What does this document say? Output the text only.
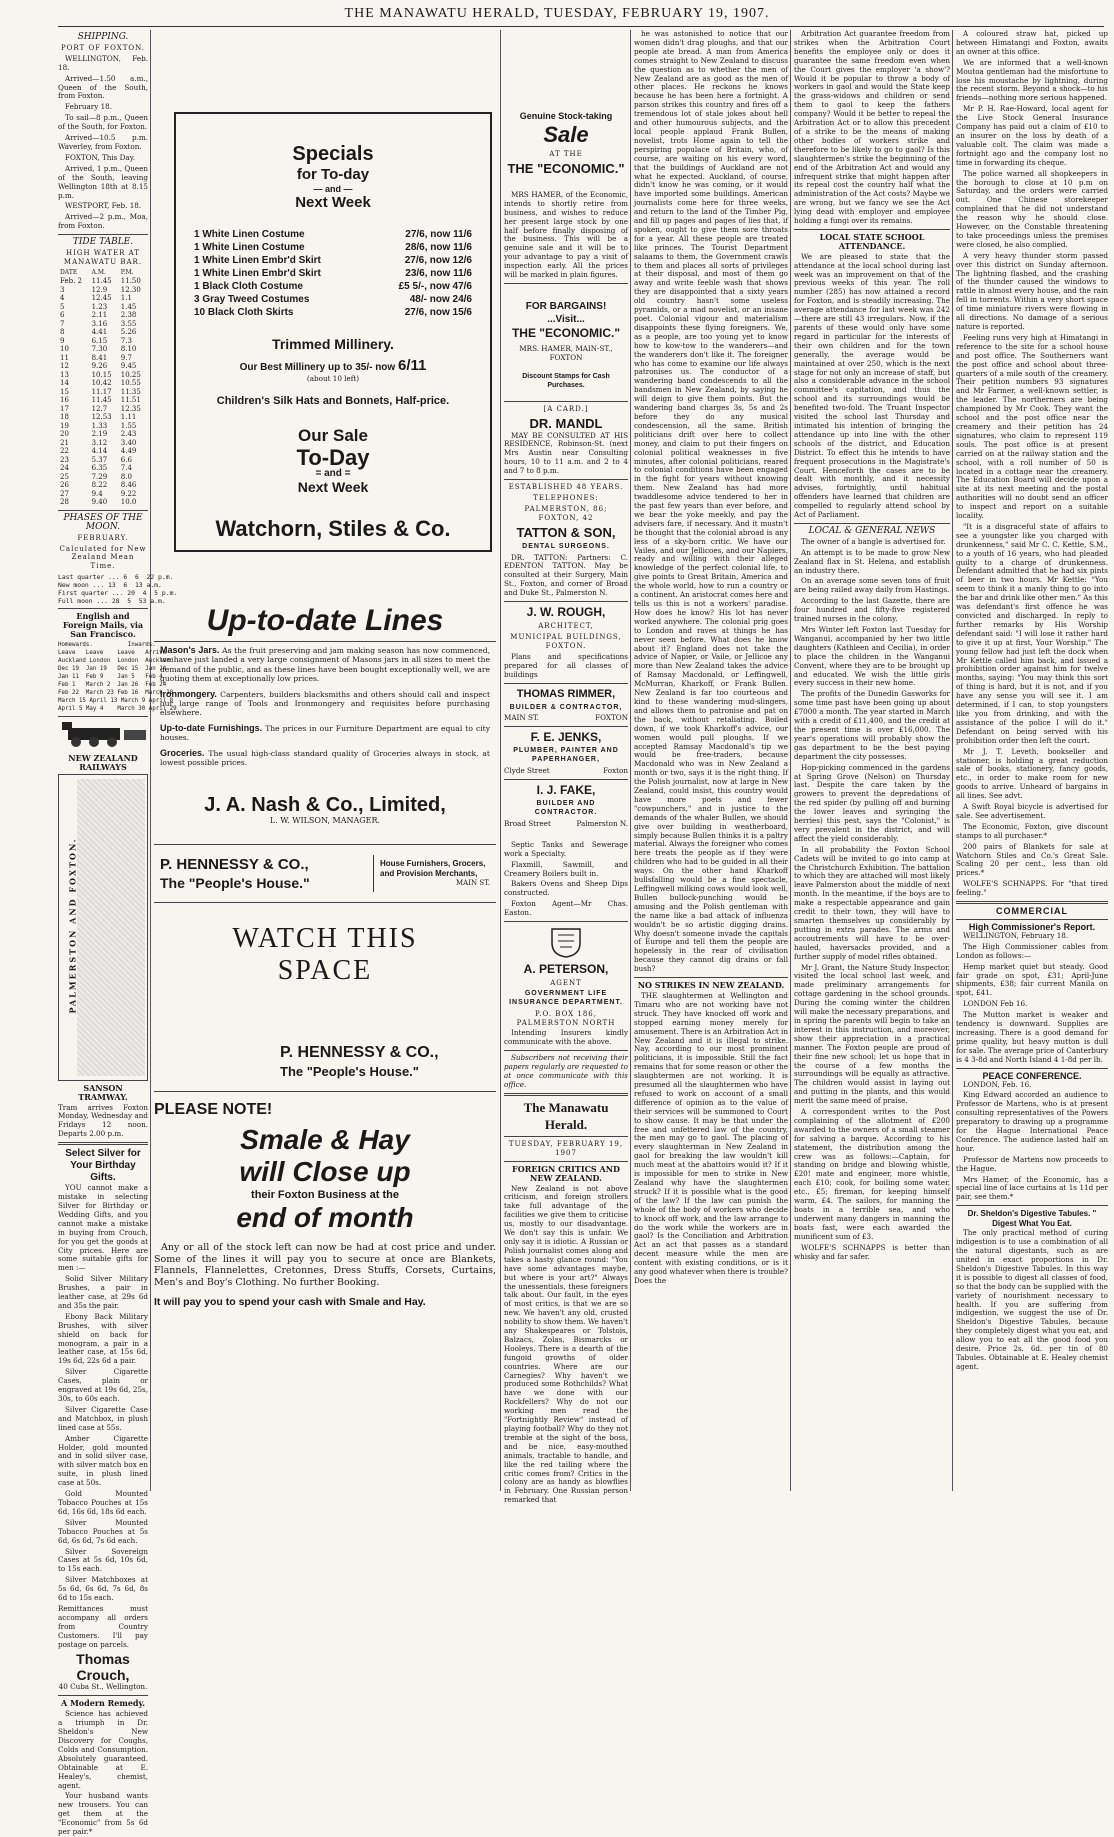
THE MANAWATU HERALD, TUESDAY, FEBRUARY 19, 1907.
SHIPPING.
PORT OF FOXTON.

WELLINGTON, Feb. 18.

Arrived—1.50 a.m., Queen of the South, from Foxton.

February 18.

To sail—8 p.m., Queen of the South, for Foxton.

Arrived—10.5 p.m. Waverley, from Foxton.

FOXTON, This Day.

Arrived, 1 p.m., Queen of the South, leaving Wellington 18th at 8.15 p.m.

WESTPORT, Feb. 18.

Arrived—2 p.m., Moa, from Foxton.

TIDE TABLE.
HIGH WATER AT MANAWATU BAR.
DATE	A.M.	P.M.
Feb. 2	11.45	11.50
3	12.9	12.30
4	12.45	1.1
5	1.23	1.45
6	2.11	2.38
7	3.16	3.55
8	4.41	5.26
9	6.15	7.3
10	7.30	8.10
11	8.41	9.7
12	9.26	9.45
13	10.15	10.25
14	10.42	10.55
15	11.17	11.35
16	11.45	11.51
17	12.7	12.35
18	12.53	1.11
19	1.33	1.55
20	2.19	2.43
21	3.12	3.40
22	4.14	4.49
23	5.37	6.6
24	6.35	7.4
25	7.29	8.0
26	8.22	8.46
27	9.4	9.22
28	9.40	10.0
PHASES OF THE MOON.
FEBRUARY.
Calculated for New Zealand Mean Time.
Last quarter ... 6  6  22 p.m.
New moon ... 13  6  13 a.m.
First quarter ... 20  4  5 p.m.
Full moon ... 28  5  53 a.m.
English and Foreign Mails, via San Francisco.
Homewards.          Inwards.
Leave   Leave    Leave   Arrive
Auckland London  London  Auckland
Dec 19  Jan 19   Dec 15  Jan 14
Jan 11  Feb 9    Jan 5   Feb 4
Feb 1   March 2  Jan 26  Feb 24
Feb 22  March 23 Feb 16  March 18
March 15 April 13 March 9 April 8
April 5 May 4    March 30 April 29
NEW ZEALAND RAILWAYS
PALMERSTON AND FOXTON.
SANSON TRAMWAY.

Tram arrives Foxton Monday, Wednesday and Fridays 12 noon. Departs 2.00 p.m.

Select Silver for Your Birthday Gifts.

YOU cannot make a mistake in selecting Silver for Birthday or Wedding Gifts, and you cannot make a mistake in buying from Crouch, for you get the goods at City prices. Here are some suitable gifts for men :—

Solid Silver Military Brushes, a pair in leather case, at 29s 6d and 35s the pair.

Ebony Back Military Brushes, with silver shield on back for monogram, a pair in a leather case, at 15s 6d, 19s 6d, 22s 6d a pair.

Silver Cigarette Cases, plain or engraved at 19s 6d, 25s, 30s, to 60s each.

Silver Cigarette Case and Matchbox, in plush lined case at 55s.

Amber Cigarette Holder, gold mounted and in solid silver case, with silver match box en suite, in plush lined case at 50s.

Gold Mounted Tobacco Pouches at 15s 6d, 16s 6d, 18s 6d each.

Silver Mounted Tobacco Pouches at 5s 6d, 6s 6d, 7s 6d each.

Silver Sovereign Cases at 5s 6d, 10s 6d, to 15s each.

Silver Matchboxes at 5s 6d, 6s 6d, 7s 6d, 8s 6d to 15s each.

Remittances must accompany all orders from Country Customers. I'll pay postage on parcels.

Thomas Crouch,
40 Cuba St., Wellington.
A Modern Remedy.

Science has achieved a triumph in Dr. Sheldon's New Discovery for Coughs, Colds and Consumption. Absolutely guaranteed. Obtainable at E. Healey's, chemist, agent.

Your husband wants new trousers. You can get them at the "Economic" from 5s 6d per pair.*

Specials
for To-day
— and —
Next Week
1 White Linen Costume	27/6, now 11/6
1 White Linen Costume	28/6, now 11/6
1 White Linen Embr'd Skirt	27/6, now 12/6
1 White Linen Embr'd Skirt	23/6, now 11/6
1 Black Cloth Costume	£5 5/-, now 47/6
3 Gray Tweed Costumes	48/- now 24/6
10 Black Cloth Skirts	27/6, now 15/6
Trimmed Millinery.
Our Best Millinery up to 35/- now 6/11
(about 10 left)
Children's Silk Hats and Bonnets, Half-price.
Our Sale
To-Day
= and =
Next Week
Watchorn, Stiles & Co.
Up-to-date Lines

Mason's Jars. As the fruit preserving and jam making season has now commenced, we have just landed a very large consignment of Masons jars in all sizes to meet the demand of the public, and as these lines have been bought exceptionally well, we are quoting them at exceptionally low prices.

Ironmongery. Carpenters, builders blacksmiths and others should call and inspect our large range of Tools and Ironmongery and requisites before purchasing elsewhere.

Up-to-date Furnishings. The prices in our Furniture Department are equal to city houses.

Groceries. The usual high-class standard quality of Groceries always in stock, at lowest possible prices.

J. A. Nash & Co., Limited,
L. W. WILSON, MANAGER.
P. HENNESSY & CO.,
The "People's House."
House Furnishers, Grocers, and Provision Merchants,
MAIN ST.
WATCH THIS
SPACE
P. HENNESSY & CO.,
The "People's House."
PLEASE NOTE!
Smale & Hay
will Close up
their Foxton Business at the
end of month

Any or all of the stock left can now be had at cost price and under. Some of the lines it will pay you to secure at once are Blankets, Flannels, Flannelettes, Cretonnes, Dress Stuffs, Corsets, Curtains, Men's and Boy's Clothing. No further Booking.

It will pay you to spend your cash with Smale and Hay.
Genuine Stock-taking
Sale
AT THE
THE "ECONOMIC."

MRS HAMER, of the Economic, intends to shortly retire from business, and wishes to reduce her present large stock by one half before finally disposing of the business. This will be a genuine sale and it will be to your advantage to pay a visit of inspection early. All the prices will be marked in plain figures.

FOR BARGAINS!
...Visit...
THE "ECONOMIC."
MRS. HAMER, MAIN-ST., FOXTON
Discount Stamps for Cash Purchases.
[A CARD.]
DR. MANDL

MAY BE CONSULTED AT HIS RESIDENCE, Robinson-St. (next Mrs Austin near Consulting hours, 10 to 11 a.m. and 2 to 4 and 7 to 8 p.m.

ESTABLISHED 48 YEARS.
TELEPHONES:
PALMERSTON, 86; FOXTON, 42
TATTON & SON,
DENTAL SURGEONS.

DR. TATTON: Partners: C. EDENTON TATTON. May be consulted at their Surgery, Main St., Foxton, and corner of Broad and Duke St., Palmerston N.

J. W. ROUGH,
ARCHITECT,
MUNICIPAL BUILDINGS, FOXTON.

Plans and specifications prepared for all classes of buildings

THOMAS RIMMER,
BUILDER & CONTRACTOR,
MAIN ST.	FOXTON
F. E. JENKS,
PLUMBER, PAINTER AND PAPERHANGER,
Clyde Street	Foxton
I. J. FAKE,
BUILDER AND CONTRACTOR.
Broad Street	Palmerston N.

Septic Tanks and Sewerage work a Specialty.

Flaxmill, Sawmill, and Creamery Boilers built in.

Bakers Ovens and Sheep Dips constructed.

Foxton Agent—Mr Chas. Easton.

A. PETERSON,
AGENT
GOVERNMENT LIFE INSURANCE DEPARTMENT.
P.O. BOX 186, PALMERSTON NORTH

Intending Insurers kindly communicate with the above.

Subscribers not receiving their papers regularly are requested to at once communicate with this office.

The Manawatu Herald.
TUESDAY, FEBRUARY 19, 1907
FOREIGN CRITICS AND NEW ZEALAND.

New Zealand is not above criticism, and foreign strollers take full advantage of the facilities we give them to criticise us, mostly to our disadvantage. We don't say this is unfair. We only say it is idiotic. A Russian or Polish journalist comes along and takes a hasty glance round: "You have some advantages maybe, but where is your art?" Always the unessentials, these foreigners talk about. Our fault, in the eyes of most critics, is that we are so new. We haven't any old, crusted nobility to show them. We haven't any Shakespeares or Tolstois, Balzacs, Zolas, Bismarcks or Hooleys. There is a dearth of the fungoid growths of older countries. Where are our Carnegies? Why haven't we produced some Rothchilds? What have we done with our Rockfellers? Why do not our working men read the "Fortnightly Review" instead of playing football? Why do they not tremble at the sight of the boss, and be nice, easy-mouthed animals, tractable to handle, and like the red tailing where the critic comes from? Critics in the colony are as handy as blowflies in February. One Russian person remarked that

he was astonished to notice that our women didn't drag ploughs, and that our people ate bread. A man from America comes straight to New Zealand to discuss the question as to whether the men of New Zealand are as good as the men of other places. He reckons he knows because he has been here a fortnight. A parson strikes this country and fires off a tremendous lot of stale jokes about hell and other humourous subjects, and the local people applaud Frank Bullen, novelist, trots Home again to tell the perspiring populace of Britain, who, of course, are waiting on his every word, that the buildings of Auckland are not what he expected. Auckland, of course, didn't know he was coming, or it would have imported some buildings. American journalists come here for three weeks, and return to the land of the Timber Pig, and fill up pages and pages of lies that, if spoken, ought to give them sore throats for a year. All these people are treated like princes. The Tourist Department salaams to them, the Government crawls to them and places all sorts of privileges at their disposal, and most of them go away and write feeble wash that shows they are disappointed that a sixty years old country hasn't some useless pyramids, or a mad novelist, or an insane poet. Colonial vigour and materialism disappoints these flying foreigners. We, as a people, are too young yet to know how to kow-tow to the wanderers—and the wanderers don't like it. The foreigner who has come to examine our life always patronises us. The conductor of a wandering band condescends to all the bandsmen in New Zealand, by saying he will deign to give them points. But the wandering band charges 3s, 5s and 2s before they do any musical condescension, all the same. British politicians drift over here to collect money, and claim to put their fingers on colonial political weaknesses in five minutes, after colonial politicians, reared to colonial conditions have been engaged in the fight for years without knowing them. New Zealand has had more twaddlesome advice tendered to her in the past few years than ever before, and we bear the yoke meekly, and pay the advisers fare, if necessary. And it mustn't be thought that the colonial abroad is any less of a sky-born critic. We have our Vailes, and our Jellicoes, and our Napiers, ready and willing with their alleged knowledge of the perfect colonial life, to give points to Great Britain, America and the whole world, how to run a country or a continent. An aristocrat comes here and tells us this is not a workers' paradise. How does he know? His lot has never worked anywhere. The colonial prig goes to London and raves at things he has never seen before. What does he know about it? England does not take the advice of Napier, or Vaile, or Jellicoe any more than New Zealand takes the advice of Ramsay Macdonald, or Leffingwell, McMurran, Kharkoff, or Frank Bullen. New Zealand is far too courteous and kind to these wandering mud-slingers, and allows them to patronise and pat on the back, without retaliating. Boiled down, if we took Kharkoff's advice, our women would pull ploughs. If we accepted Ramsay Macdonald's tip we would be free-traders, because Macdonald who was in New Zealand a month or two, says it is the right thing. If the Polish journalist, now at large in New Zealand, could insist, this country would have more poets and fewer "cowpunchers," and in justice to the demands of the whaler Bullen, we should give over building in weatherboard, simply because Bullen thinks it is a paltry material. Always the foreigner who comes here treats the people as if they were children who had to be guided in all their ways. On the other hand Kharkoff bullsfalling would be a fine spectacle, Leffingwell milking cows would look well, Bullen bullock-punching would be amusing and the Polish gentleman with the name like a bad attack of influenza wouldn't be so artistic digging drains. Why doesn't someone invade the capitals of Europe and tell them the people are hopelessly in the rear of civilisation because they cannot dig drains or fall bush?

NO STRIKES IN NEW ZEALAND.

THE slaughtermen at Wellington and Timaru who are not working have not struck. They have knocked off work and stopped earning money merely for amusement. There is an Arbitration Act in New Zealand and it is illegal to strike. Nay, according to our most prominent politicians, it is impossible. Still the fact remains that for some reason or other the slaughtermen are not working. It is presumed all the slaughtermen who have refused to work on account of a small difference of opinion as to the value of their services will be summoned to Court to show cause. It may be that under the free and unfettered law of the country, the men may go to gaol. The placing of every slaughterman in New Zealand in gaol for breaking the law wouldn't kill much meat at the abattoirs would it? If it is impossible for men to strike in New Zealand why have the slaughtermen struck? If it is possible what is the good of the law? If the law can punish the whole of the body of workers who decide to knock off work, and the law arrange to do the work while the workers are in gaol? Is the Conciliation and Arbitration Act an act that passes as a standard decent measure while the men are content with existing conditions, or is it any good whatever when there is trouble? Does the

Arbitration Act guarantee freedom from strikes when the Arbitration Court benefits the employee only or does it guarantee the same freedom even when the Court gives the employer 'a show'? Would it be popular to throw a body of workers in gaol and would the State keep the grass-widows and children or send them to gaol to keep the fathers company? Would it be better to repeal the Arbitration Act or to allow this precedent of a strike to be the means of making other bodies of workers strike and therefore to be likely to go to gaol? Is this slaughtermen's strike the beginning of the end of the Arbitration Act and would any infrequent strike that might happen after its repeal cost the country half what the administration of the Act costs? Maybe we are wrong, but we fancy we see the Act lying dead with employer and employee holding a fungi over its remains.

LOCAL STATE SCHOOL ATTENDANCE.

We are pleased to state that the attendance at the local school during last week was an improvement on that of the previous weeks of this year. The roll number (285) has now attained a record for Foxton, and is steadily increasing. The average attendance for last week was 242—there are still 43 irregulars. Now, if the parents of these would only have some regard in particular for the interests of their own children and for the town generally, the average would be maintained at over 250, which is the next stage for not only an increase of staff, but also a considerable advance in the school committee's capitation, and thus the school and its surroundings would be benefited two-fold. The Truant Inspector visited the school last Thursday and intimated his intention of bringing the attendance up into line with the other schools of the district, and Education District. To effect this he intends to have frequent prosecutions in the Magistrate's Court. Henceforth the cases are to be dealt with monthly, and it necessity advises, fortnightly, until habitual offenders have learned that children are compelled to regularly attend school by Act of Parliament.

LOCAL & GENERAL NEWS

The owner of a bangle is advertised for.

An attempt is to be made to grow New Zealand flax in St. Helena, and establish an industry there.

On an average some seven tons of fruit are being railed away daily from Hastings.

According to the last Gazette, there are four hundred and fifty-five registered trained nurses in the colony.

Mrs Winter left Foxton last Tuesday for Wanganui, accompanied by her two little daughters (Kathleen and Cecilia), in order to place the children in the Wanganui Convent, where they are to be brought up and educated. We wish the little girls every success in their new home.

The profits of the Dunedin Gasworks for some time past have been going up about £7000 a month. The year started in March with a credit of £11,400, and the credit at the present time is over £16,000. The year's operations will probably show the gas department to be the best paying department the city possesses.

Hop-picking commenced in the gardens at Spring Grove (Nelson) on Thursday last. Despite the care taken by the growers to prevent the depredations of the red spider (by pulling off and burning the lower leaves and syringing the berries) this pest, says the "Colonist," is very prevalent in the district, and will affect the yield considerably.

In all probability the Foxton School Cadets will be invited to go into camp at the Christchurch Exhibition. The battalion to which they are attached will most likely leave Palmerston about the middle of next month. In the meantime, if the boys are to make a respectable appearance and gain credit to their town, they will have to smarten themselves up considerably by putting in extra parades. The arms and accoutrements will have to be over-hauled, haversacks provided, and a further supply of model rifles obtained.

Mr J. Grant, the Nature Study Inspector, visited the local school last week, and made preliminary arrangements for cottage gardening in the school grounds. During the coming winter the children will make the necessary preparations, and in spring the parents will begin to take an interest in this instruction, and moreover, show their appreciation in a practical manner. The Foxton people are proud of their fine new school; let us hope that in the course of a few months the surroundings will be equally as attractive. The children would assist in laying out and putting in the plants, and this would merit the same meed of praise.

A correspondent writes to the Post complaining of the allotment of £200 awarded to the owners of a small steamer for salving a barque. According to his statement, the distribution among the crew was as follows:—Captain, for standing on bridge and blowing whistle, £20! mate and engineer, more whistle, each £10; cook, for boiling some water, etc., £5; fireman, for keeping himself warm, £4. The sailors, for manning the boats in a terrible sea, and who underwent many dangers in manning the boats fast, were each awarded the munificent sum of £3.

WOLFE'S SCHNAPPS is better than whisky and far safer.

A coloured straw hat, picked up between Himatangi and Foxton, awaits an owner at this office.

We are informed that a well-known Moutoa gentleman had the misfortune to lose his moustache by lightning, during the recent storm. Beyond a shock—to his friends—nothing more serious happened.

Mr P. H. Rae-Howard, local agent for the Live Stock General Insurance Company has paid out a claim of £10 to an insurer on the loss by death of a valuable colt. The claim was made a fortnight ago and the company lost no time in forwarding its cheque.

The police warned all shopkeepers in the borough to close at 10 p.m on Saturday, and the orders were carried out. One Chinese storekeeper complained that he did not understand the reason why he should close. However, on the Constable threatening to take proceedings unless the premises were closed, he also complied.

A very heavy thunder storm passed over this district on Sunday afternoon. The lightning flashed, and the crashing of the thunder caused the windows to rattle in almost every house, and the rain fell in torrents. Within a very short space of time miniature rivers were flowing in all directions. No damage of a serious nature is reported.

Feeling runs very high at Himatangi in reference to the site for a school house and post office. The Southerners want the post office and school about three-quarters of a mile south of the creamery. Their petition numbers 93 signatures and Mr Farmer, a well-known settler, is the leader. The northerners are being championed by Mr Cook. They want the school and the post office near the creamery and their petition has 24 signatures, who claim to represent 119 souls. The post office is at present carried on at the railway station and the school, with a roll number of 50 is located in a cottage near the creamery. The Education Board will decide upon a site at its next meeting and the postal authorities will no doubt send an officer to inspect and report on a suitable locality.

"It is a disgraceful state of affairs to see a youngster like you charged with drunkenness," said Mr C. C. Kettle, S.M., to a youth of 16 years, who had pleaded guilty to a charge of drunkenness. Defendant admitted that he had six pints of beer in two hours. Mr Kettle: "You seem to think it a manly thing to go into the bar and drink like other men." As this was defendant's first offence he was convicted and discharged. In reply to further remarks by His Worship defendant said: "I will lose it rather hard to give it up at first, Your Worship." The young fellow had just left the dock when Mr Kettle called him back, and issued a prohibition order against him for twelve months, saying: "You may think this sort of thing is hard, but it is not, and if you have any sense you will see it. I am determined, if I can, to stop youngsters like you from drinking, and with the assistance of the police I will do it." Defendant on being served with his prohibition order then left the court.

Mr J. T. Leveth, bookseller and stationer, is holding a great reduction sale of books, stationery, fancy goods, etc., in order to make room for new goods to arrive. Unheard of bargains in all lines. See advt.

A Swift Royal bicycle is advertised for sale. See advertisement.

The Economic, Foxton, give discount stamps to all purchaser.*

200 pairs of Blankets for sale at Watchorn Stiles and Co.'s Great Sale. Scaling 20 per cent., less than old prices.*

WOLFE'S SCHNAPPS. For "that tired feeling."

COMMERCIAL
High Commissioner's Report.

WELLINGTON, February 18.

The High Commissioner cables from London as follows:—

Hemp market quiet but steady. Good fair grade on spot, £31; April-June shipments, £38; fair current Manila on spot, £41.

LONDON Feb 16.

The Mutton market is weaker and tendency is downward. Supplies are increasing. There is a good demand for prime quality, but heavy mutton is dull for sale. The average price of Canterbury is 4 3-8d and North Island 4 1-8d per lb.

PEACE CONFERENCE.

LONDON, Feb. 16.

King Edward accorded an audience to Professor de Martens, who is at present consulting representatives of the Powers preparatory to drawing up a programme for the Hague International Peace Conference. The audience lasted half an hour.

Professor de Martens now proceeds to the Hague.

Mrs Hamer, of the Economic, has a special line of lace curtains at 1s 11d per pair, see them.*

Dr. Sheldon's Digestive Tabules. " Digest What You Eat.

The only practical method of curing indigestion is to use a combination of all the natural digestants, such as are united in exact proportions in Dr. Sheldon's Digestive Tabules. In this way it is possible to digest all classes of food, so that the body can be supplied with the variety of nourishment necessary to health. If you are suffering from indigestion, we suggest the use of Dr. Sheldon's Digestive Tabules, because they completely digest what you eat, and allow you to eat all the good food you desire. Price 2s. 6d. per tin of 80 Tabules. Obtainable at E. Healey chemist agent.
